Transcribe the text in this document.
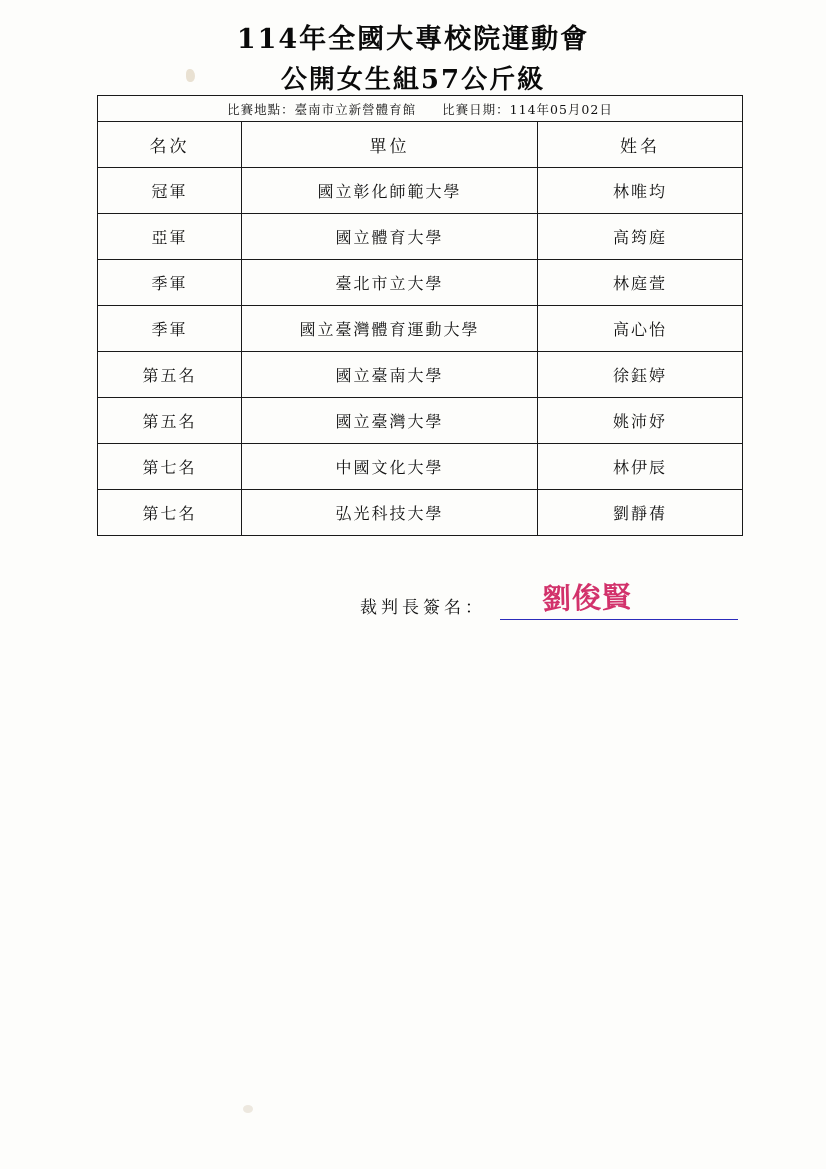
114年全國大專校院運動會
公開女生組57公斤級
比賽地點：臺南市立新營體育館 比賽日期：114年05月02日		

名次	單位	姓名
冠軍	國立彰化師範大學	林唯均
亞軍	國立體育大學	高筠庭
季軍	臺北市立大學	林庭萱
季軍	國立臺灣體育運動大學	高心怡
第五名	國立臺南大學	徐鈺婷
第五名	國立臺灣大學	姚沛妤
第七名	中國文化大學	林伊辰
第七名	弘光科技大學	劉靜蒨
裁判長簽名： 劉俊賢
